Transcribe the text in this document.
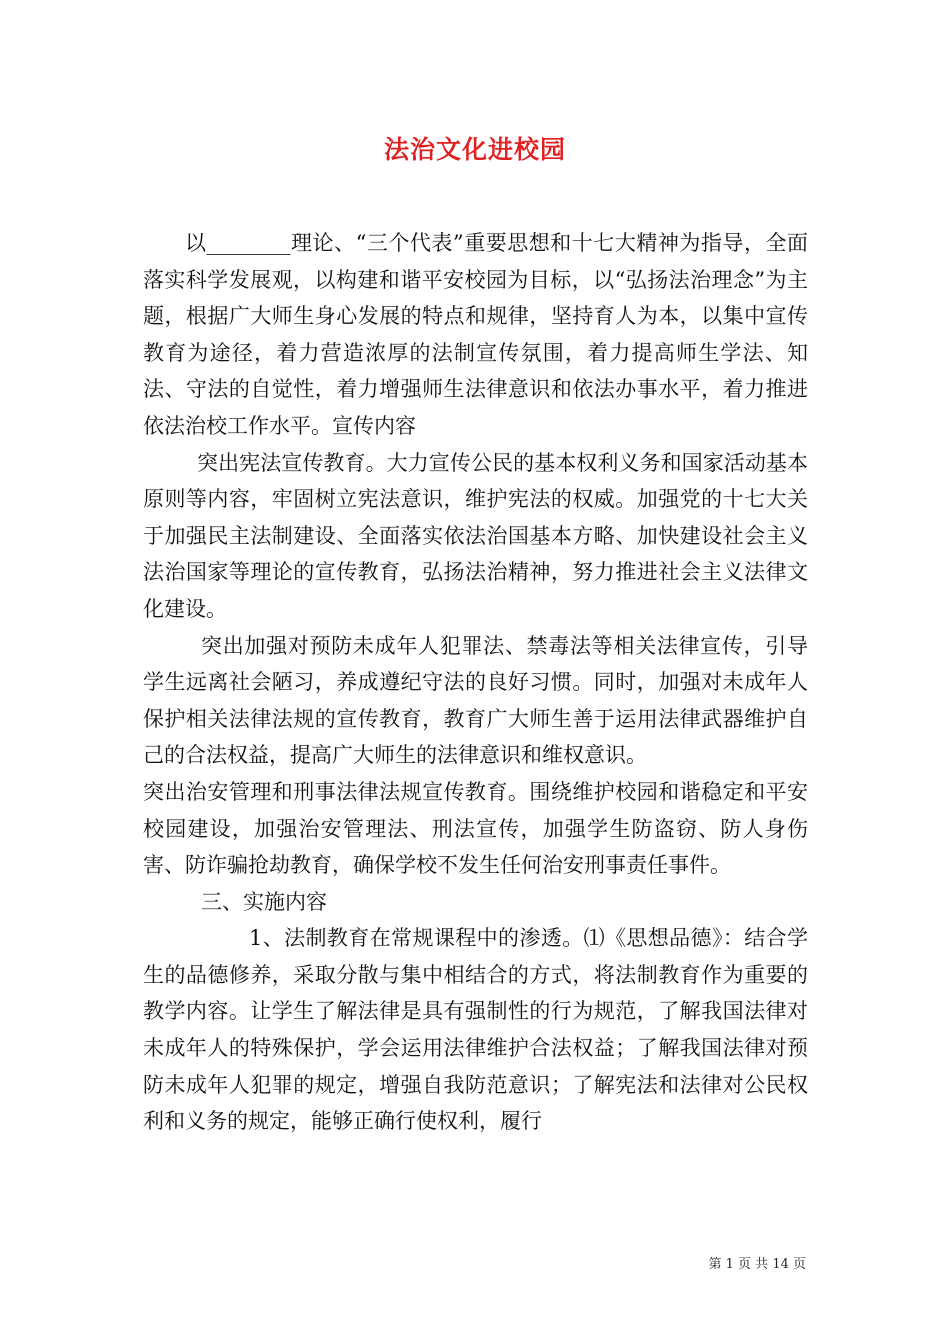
法治文化进校园

以________理论、“三个代表”重要思想和十七大精神为指导，全面落实科学发展观，以构建和谐平安校园为目标，以“弘扬法治理念”为主题，根据广大师生身心发展的特点和规律，坚持育人为本，以集中宣传教育为途径，着力营造浓厚的法制宣传氛围，着力提高师生学法、知法、守法的自觉性，着力增强师生法律意识和依法办事水平，着力推进依法治校工作水平。宣传内容

突出宪法宣传教育。大力宣传公民的基本权利义务和国家活动基本原则等内容，牢固树立宪法意识，维护宪法的权威。加强党的十七大关于加强民主法制建设、全面落实依法治国基本方略、加快建设社会主义法治国家等理论的宣传教育，弘扬法治精神，努力推进社会主义法律文化建设。

突出加强对预防未成年人犯罪法、禁毒法等相关法律宣传，引导学生远离社会陋习，养成遵纪守法的良好习惯。同时，加强对未成年人保护相关法律法规的宣传教育，教育广大师生善于运用法律武器维护自己的合法权益，提高广大师生的法律意识和维权意识。

突出治安管理和刑事法律法规宣传教育。围绕维护校园和谐稳定和平安校园建设，加强治安管理法、刑法宣传，加强学生防盗窃、防人身伤害、防诈骗抢劫教育，确保学校不发生任何治安刑事责任事件。

三、实施内容

1、法制教育在常规课程中的渗透。⑴《思想品德》：结合学生的品德修养，采取分散与集中相结合的方式，将法制教育作为重要的教学内容。让学生了解法律是具有强制性的行为规范，了解我国法律对未成年人的特殊保护，学会运用法律维护合法权益；了解我国法律对预防未成年人犯罪的规定，增强自我防范意识；了解宪法和法律对公民权利和义务的规定，能够正确行使权利，履行

第 1 页 共 14 页
